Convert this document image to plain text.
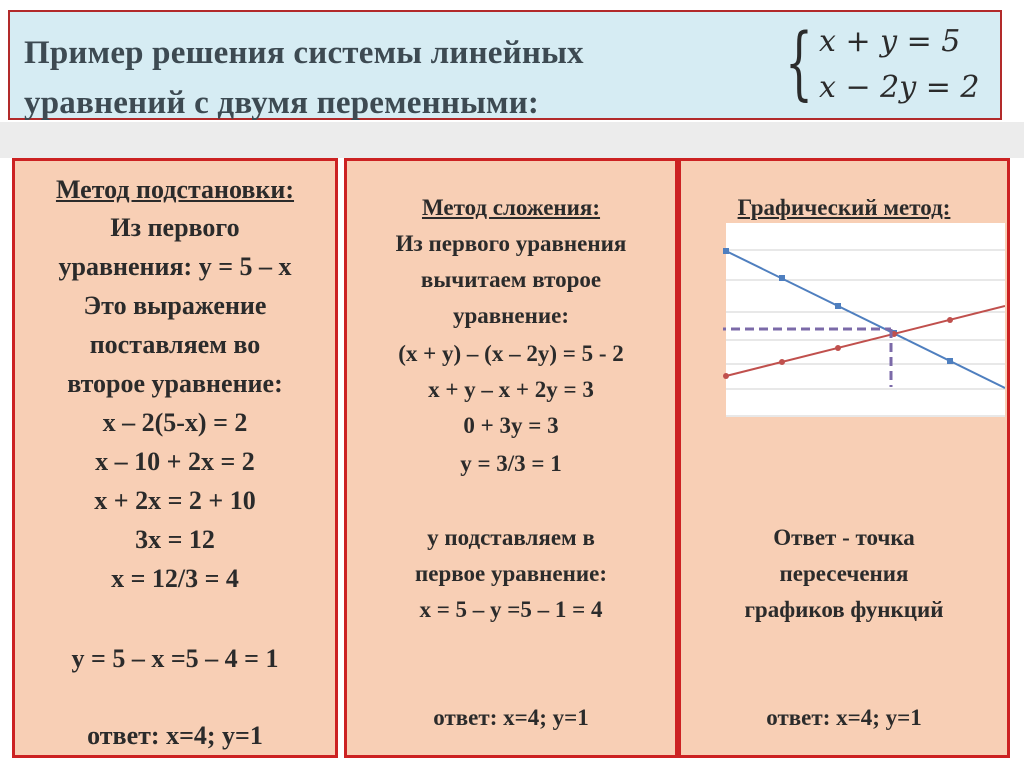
Пример решения системы линейных
уравнений с двумя переменными:	{ x + y = 5
x − 2y = 2
Метод подстановки:
Из первого
уравнения: y = 5 – x
Это выражение
поставляем во
второе уравнение:
x – 2(5-x) = 2
x – 10 + 2x = 2
x + 2x = 2 + 10
3x = 12
x = 12/3 = 4
y = 5 – x =5 – 4 = 1
ответ: x=4; y=1
Метод сложения:
Из первого уравнения
вычитаем второе
уравнение:
(x + y) – (x – 2y) = 5 - 2
x + y – x + 2y = 3
0 + 3y = 3
y = 3/3 = 1
y подставляем в
первое уравнение:
x = 5 – y =5 – 1 = 4
ответ: x=4; y=1
Графический метод:
Ответ - точка
пересечения
графиков функций
ответ: x=4; y=1
